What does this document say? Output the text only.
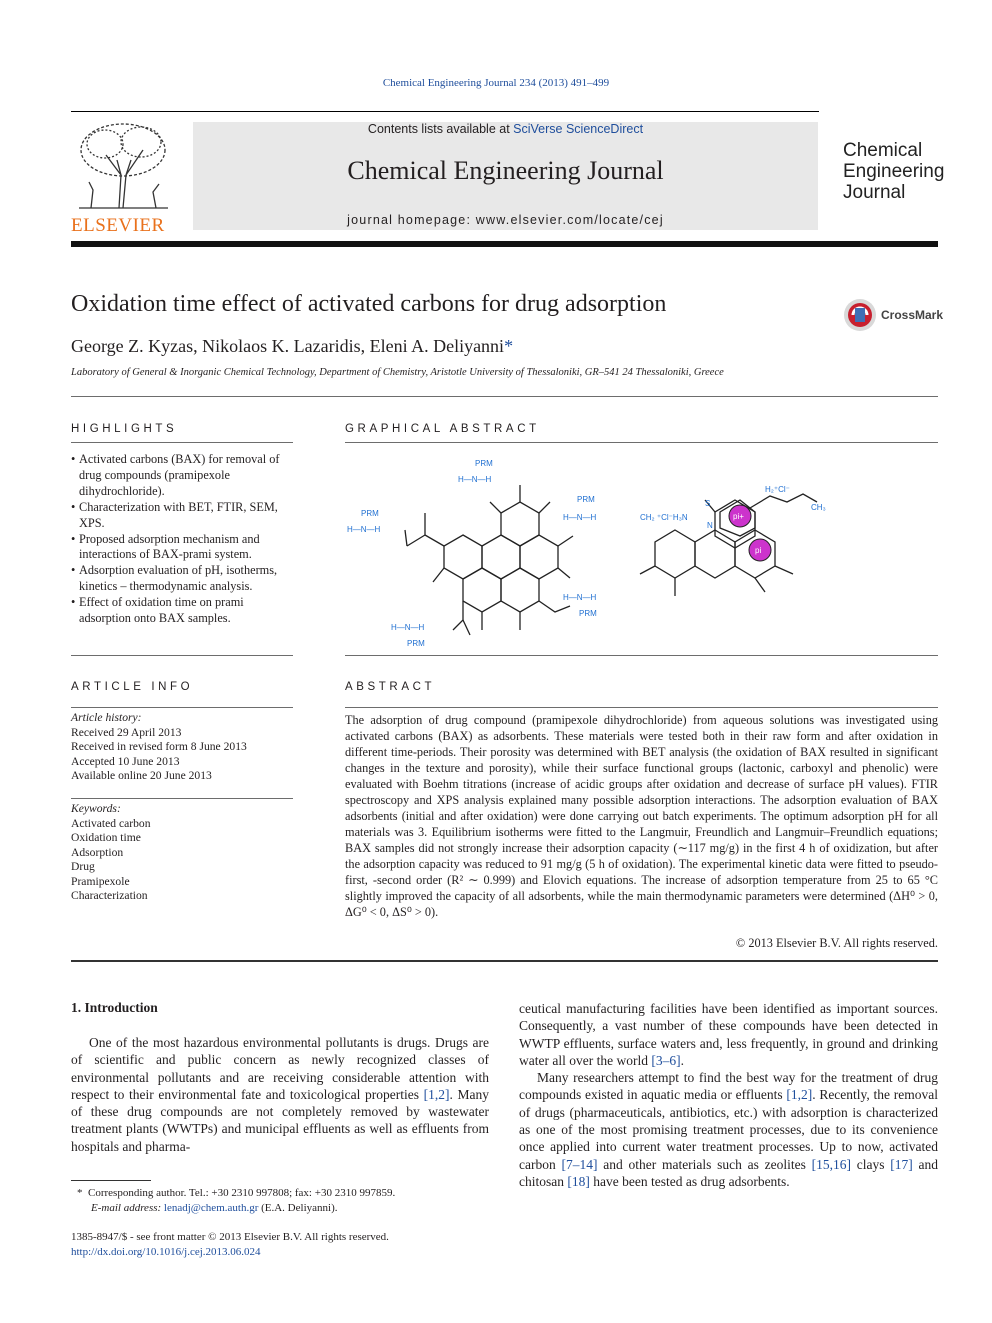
Chemical Engineering Journal 234 (2013) 491–499
ELSEVIER
Contents lists available at SciVerse ScienceDirect
Chemical Engineering Journal
journal homepage: www.elsevier.com/locate/cej
Chemical
Engineering
Journal
Oxidation time effect of activated carbons for drug adsorption	CrossMark
George Z. Kyzas, Nikolaos K. Lazaridis, Eleni A. Deliyanni*
Laboratory of General & Inorganic Chemical Technology, Department of Chemistry, Aristotle University of Thessaloniki, GR–541 24 Thessaloniki, Greece
HIGHLIGHTS
• Activated carbons (BAX) for removal of drug compounds (pramipexole dihydrochloride).
• Characterization with BET, FTIR, SEM, XPS.
• Proposed adsorption mechanism and interactions of BAX-prami system.
• Adsorption evaluation of pH, isotherms, kinetics – thermodynamic analysis.
• Effect of oxidation time on prami adsorption onto BAX samples.
GRAPHICAL ABSTRACT
PRM
H—N—H
PRM
H—N—H
PRM
H—N—H
H—N—H
PRM
H—N—H
PRM
CH₂ ⁺Cl⁻H₃N
H₂⁺Cl⁻
CH₃
S
N
pi+
pi
ARTICLE INFO
Article history:
Received 29 April 2013
Received in revised form 8 June 2013
Accepted 10 June 2013
Available online 20 June 2013
Keywords:
Activated carbon
Oxidation time
Adsorption
Drug
Pramipexole
Characterization
ABSTRACT
The adsorption of drug compound (pramipexole dihydrochloride) from aqueous solutions was investigated using activated carbons (BAX) as adsorbents. These materials were tested both in their raw form and after oxidation in different time-periods. Their porosity was determined with BET analysis (the oxidation of BAX resulted in significant changes in the texture and porosity), while their surface functional groups (lactonic, carboxyl and phenolic) were evaluated with Boehm titrations (increase of acidic groups after oxidation and decrease of surface pH values). FTIR spectroscopy and XPS analysis explained many possible adsorption interactions. The adsorption evaluation of BAX adsorbents (initial and after oxidation) were done carrying out batch experiments. The optimum adsorption pH for all materials was 3. Equilibrium isotherms were fitted to the Langmuir, Freundlich and Langmuir–Freundlich equations; BAX samples did not strongly increase their adsorption capacity (∼117 mg/g) in the first 4 h of oxidization, but after the adsorption capacity was reduced to 91 mg/g (5 h of oxidation). The experimental kinetic data were fitted to pseudo-first, -second order (R² ∼ 0.999) and Elovich equations. The increase of adsorption temperature from 25 to 65 °C slightly improved the capacity of all adsorbents, while the main thermodynamic parameters were determined (ΔH⁰ > 0, ΔG⁰ < 0, ΔS⁰ > 0).
© 2013 Elsevier B.V. All rights reserved.
1. Introduction
One of the most hazardous environmental pollutants is drugs. Drugs are of scientific and public concern as newly recognized classes of environmental pollutants and are receiving considerable attention with respect to their environmental fate and toxicological properties [1,2]. Many of these drug compounds are not completely removed by wastewater treatment plants (WWTPs) and municipal effluents as well as effluents from hospitals and pharma-
ceutical manufacturing facilities have been identified as important sources. Consequently, a vast number of these compounds have been detected in WWTP effluents, surface waters and, less frequently, in ground and drinking water all over the world [3–6].
Many researchers attempt to find the best way for the treatment of drug compounds existed in aquatic media or effluents [1,2]. Recently, the removal of drugs (pharmaceuticals, antibiotics, etc.) with adsorption is characterized as one of the most promising treatment processes, due to its convenience once applied into current water treatment processes. Up to now, activated carbon [7–14] and other materials such as zeolites [15,16] clays [17] and chitosan [18] have been tested as drug adsorbents.
* Corresponding author. Tel.: +30 2310 997808; fax: +30 2310 997859.
E-mail address: lenadj@chem.auth.gr (E.A. Deliyanni).
1385-8947/$ - see front matter © 2013 Elsevier B.V. All rights reserved.
http://dx.doi.org/10.1016/j.cej.2013.06.024
